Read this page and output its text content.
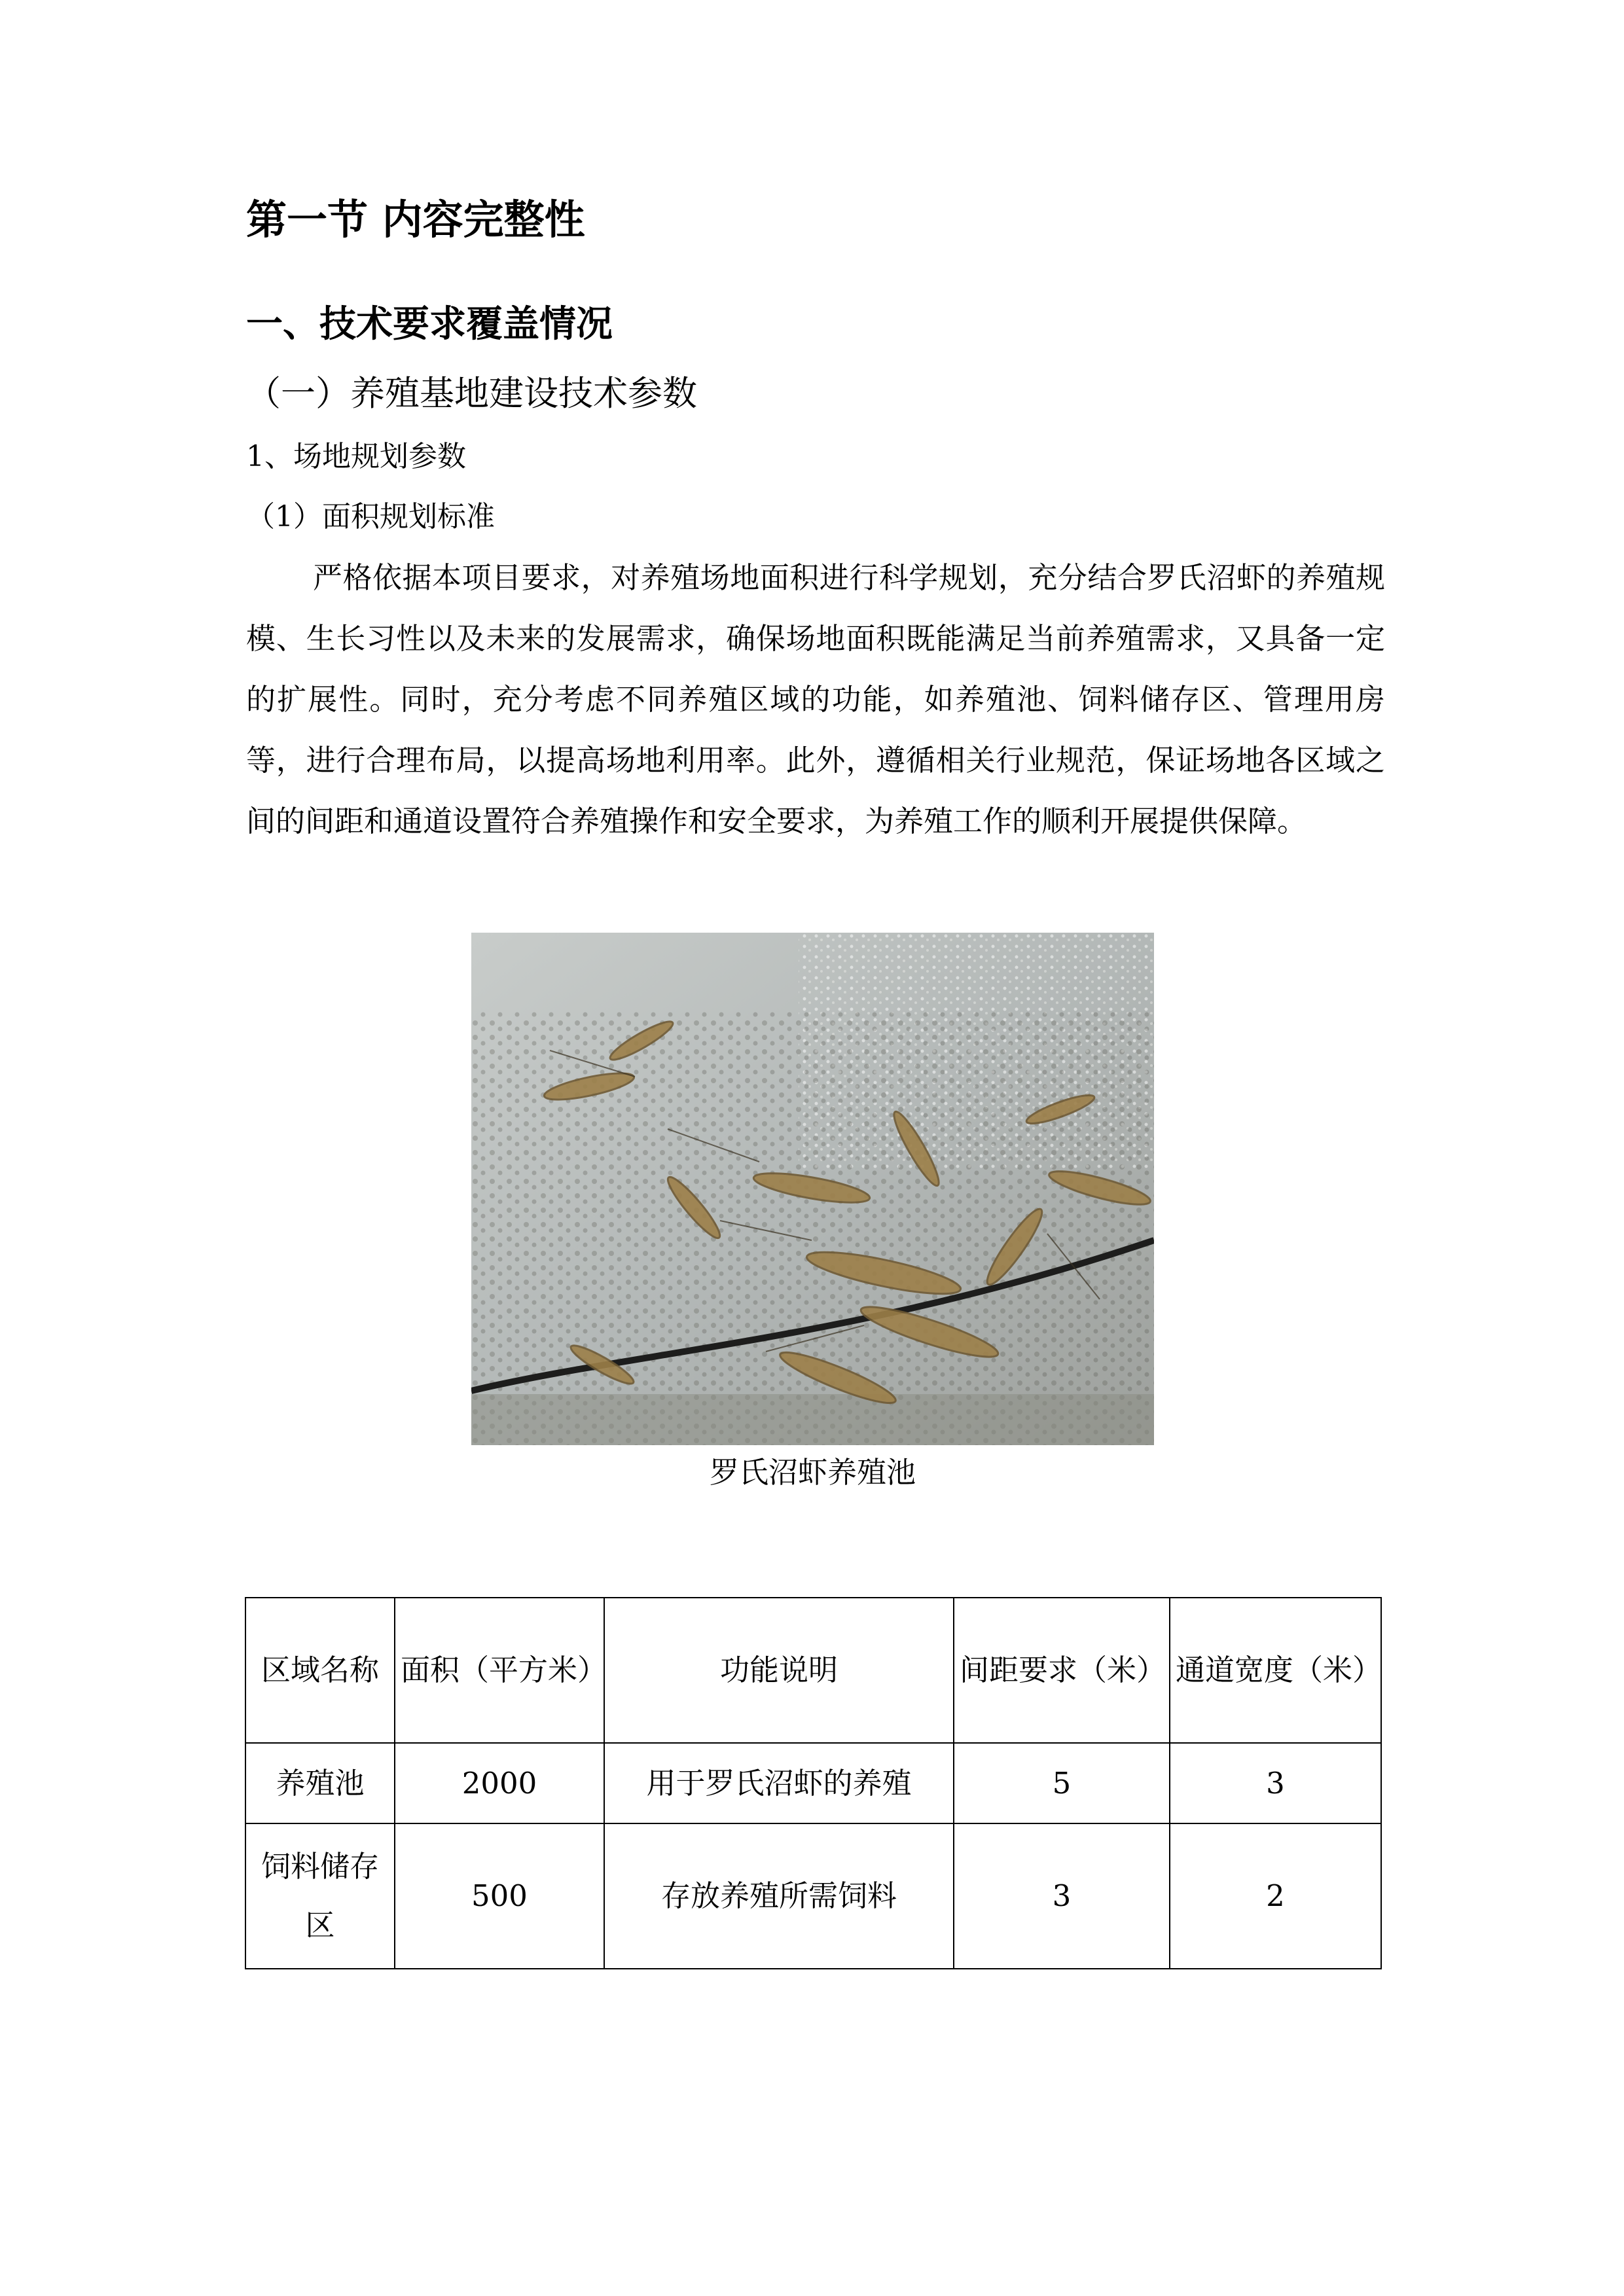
第一节 内容完整性
一、技术要求覆盖情况
（一）养殖基地建设技术参数
1、场地规划参数
（1）面积规划标准

严格依据本项目要求，对养殖场地面积进行科学规划，充分结合罗氏沼虾的养殖规模、生长习性以及未来的发展需求，确保场地面积既能满足当前养殖需求，又具备一定的扩展性。同时，充分考虑不同养殖区域的功能，如养殖池、饲料储存区、管理用房等，进行合理布局，以提高场地利用率。此外，遵循相关行业规范，保证场地各区域之间的间距和通道设置符合养殖操作和安全要求，为养殖工作的顺利开展提供保障。

罗氏沼虾养殖池
区域名称	面积（平方米）	功能说明	间距要求（米）	通道宽度（米）
养殖池	2000	用于罗氏沼虾的养殖	5	3
饲料储存区	500	存放养殖所需饲料	3	2
